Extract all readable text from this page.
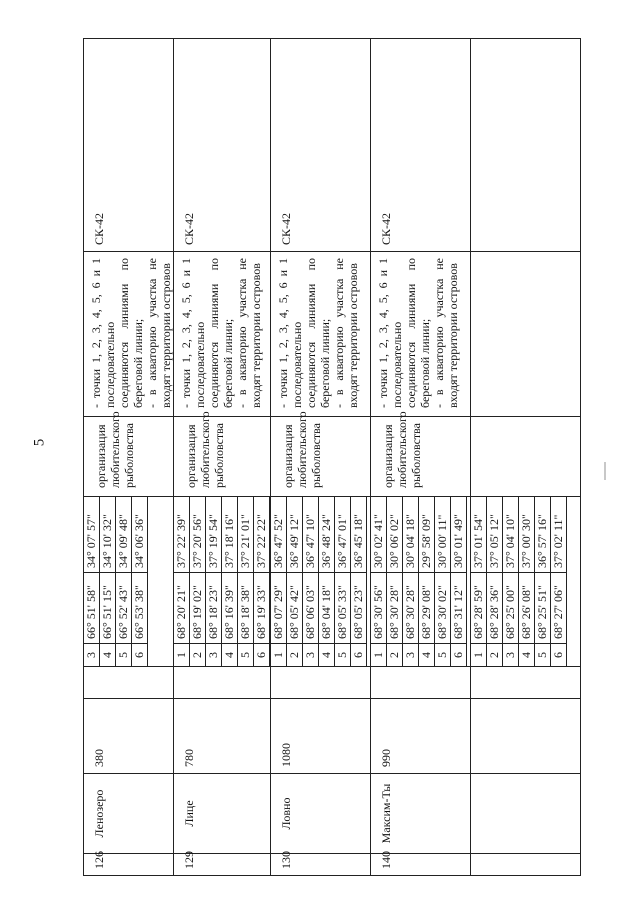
5
126	Ленозеро	380		
3	66° 51' 58"	34° 07' 57"
4	66° 51' 15"	34° 10' 32"
5	66° 52' 43"	34° 09' 48"
6	66° 53' 38"	34° 06' 36"
	организация любительского рыболовства	
- точки 1, 2, 3, 4, 5, 6 и 1 последовательно соединяются линиями по береговой линии; - в акваторию участка не входят территории островов
	СК-42
129	Лице	780		
1	68° 20' 21"	37° 22' 39"
2	68° 19' 02"	37° 20' 56"
3	68° 18' 23"	37° 19' 54"
4	68° 16' 39"	37° 18' 16"
5	68° 18' 38"	37° 21' 01"
6	68° 19' 33"	37° 22' 22"
	организация любительского рыболовства	
- точки 1, 2, 3, 4, 5, 6 и 1 последовательно соединяются линиями по береговой линии; - в акваторию участка не входят территории островов
	СК-42
130	Ловно	1080		
1	68° 07' 29"	36° 47' 52"
2	68° 05' 42"	36° 49' 12"
3	68° 06' 03"	36° 47' 10"
4	68° 04' 18"	36° 48' 24"
5	68° 05' 33"	36° 47' 01"
6	68° 05' 23"	36° 45' 18"
	организация любительского рыболовства	
- точки 1, 2, 3, 4, 5, 6 и 1 последовательно соединяются линиями по береговой линии; - в акваторию участка не входят территории островов
	СК-42
140	Максим-Ты	990		
1	68° 30' 56"	30° 02' 41"
2	68° 30' 28"	30° 06' 02"
3	68° 30' 28"	30° 04' 18"
4	68° 29' 08"	29° 58' 09"
5	68° 30' 02"	30° 00' 11"
6	68° 31' 12"	30° 01' 49"
	организация любительского рыболовства	
- точки 1, 2, 3, 4, 5, 6 и 1 последовательно соединяются линиями по береговой линии; - в акваторию участка не входят территории островов
	СК-42

1	68° 28' 59"	37° 01' 54"
2	68° 28' 36"	37° 05' 12"
3	68° 25' 00"	37° 04' 10"
4	68° 26' 08"	37° 00' 30"
5	68° 25' 51"	36° 57' 16"
6	68° 27' 06"	37° 02' 11"
